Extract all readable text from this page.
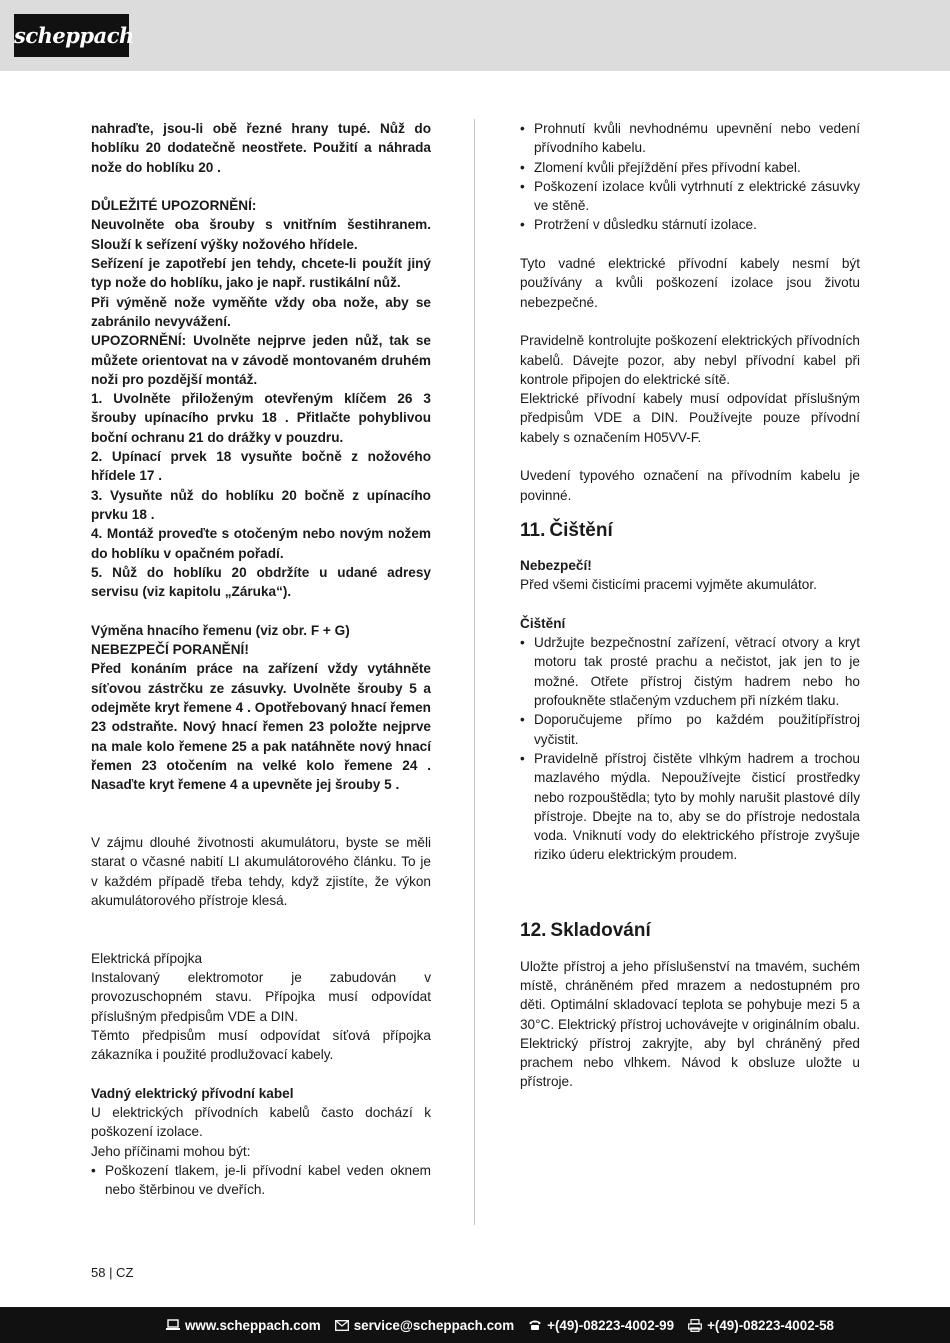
scheppach

nahraďte, jsou-li obě řezné hrany tupé. Nůž do hoblíku 20 dodatečně neostřete. Použití a náhrada nože do hoblíku 20 .

DŮLEŽITÉ UPOZORNĚNÍ:

Neuvolněte oba šrouby s vnitřním šestihranem. Slouží k seřízení výšky nožového hřídele.

Seřízení je zapotřebí jen tehdy, chcete-li použít jiný typ nože do hoblíku, jako je např. rustikální nůž.

Při výměně nože vyměňte vždy oba nože, aby se zabránilo nevyvážení.

UPOZORNĚNÍ: Uvolněte nejprve jeden nůž, tak se můžete orientovat na v závodě montovaném druhém noži pro pozdější montáž.

1. Uvolněte přiloženým otevřeným klíčem 26 3 šrouby upínacího prvku 18 . Přitlačte pohyblivou boční ochranu 21 do drážky v pouzdru.

2. Upínací prvek 18 vysuňte bočně z nožového hřídele 17 .

3. Vysuňte nůž do hoblíku 20 bočně z upínacího prvku 18 .

4. Montáž proveďte s otočeným nebo novým nožem do hoblíku v opačném pořadí.

5. Nůž do hoblíku 20 obdržíte u udané adresy servisu (viz kapitolu „Záruka“).

Výměna hnacího řemenu (viz obr. F + G)

NEBEZPEČÍ PORANĚNÍ!

Před konáním práce na zařízení vždy vytáhněte síťovou zástrčku ze zásuvky. Uvolněte šrouby 5 a odejměte kryt řemene 4 . Opotřebovaný hnací řemen 23 odstraňte. Nový hnací řemen 23 položte nejprve na male kolo řemene 25 a pak natáhněte nový hnací řemen 23 otočením na velké kolo řemene 24 . Nasaďte kryt řemene 4 a upevněte jej šrouby 5 .

V zájmu dlouhé životnosti akumulátoru, byste se měli starat o včasné nabití LI akumulátorového článku. To je v každém případě třeba tehdy, když zjistíte, že výkon akumulátorového přístroje klesá.

Elektrická přípojka

Instalovaný elektromotor je zabudován v provozuschopném stavu. Přípojka musí odpovídat příslušným předpisům VDE a DIN.

Těmto předpisům musí odpovídat síťová přípojka zákazníka i použité prodlužovací kabely.

Vadný elektrický přívodní kabel

U elektrických přívodních kabelů často dochází k poškození izolace.

Jeho příčinami mohou být:

• Poškození tlakem, je-li přívodní kabel veden oknem nebo štěrbinou ve dveřích.
• Prohnutí kvůli nevhodnému upevnění nebo vedení přívodního kabelu.
• Zlomení kvůli přejíždění přes přívodní kabel.
• Poškození izolace kvůli vytrhnutí z elektrické zásuvky ve stěně.
• Protržení v důsledku stárnutí izolace.

Tyto vadné elektrické přívodní kabely nesmí být používány a kvůli poškození izolace jsou životu nebezpečné.

Pravidelně kontrolujte poškození elektrických přívodních kabelů. Dávejte pozor, aby nebyl přívodní kabel při kontrole připojen do elektrické sítě.

Elektrické přívodní kabely musí odpovídat příslušným předpisům VDE a DIN. Používejte pouze přívodní kabely s označením H05VV-F.

Uvedení typového označení na přívodním kabelu je povinné.

11. Čištění

Nebezpečí!

Před všemi čisticími pracemi vyjměte akumulátor.

Čištění

• Udržujte bezpečnostní zařízení, větrací otvory a kryt motoru tak prosté prachu a nečistot, jak jen to je možné. Otřete přístroj čistým hadrem nebo ho profoukněte stlačeným vzduchem při nízkém tlaku.
• Doporučujeme přímo po každém použitípřístroj vyčistit.
• Pravidelně přístroj čistěte vlhkým hadrem a trochou mazlavého mýdla. Nepoužívejte čisticí prostředky nebo rozpouštědla; tyto by mohly narušit plastové díly přístroje. Dbejte na to, aby se do přístroje nedostala voda. Vniknutí vody do elektrického přístroje zvyšuje riziko úderu elektrickým proudem.
12. Skladování

Uložte přístroj a jeho příslušenství na tmavém, suchém místě, chráněném před mrazem a nedostupném pro děti. Optimální skladovací teplota se pohybuje mezi 5 a 30°C. Elektrický přístroj uchovávejte v originálním obalu. Elektrický přístroj zakryjte, aby byl chráněný před prachem nebo vlhkem. Návod k obsluze uložte u přístroje.

58 | CZ
www.scheppach.com service@scheppach.com +(49)-08223-4002-99 +(49)-08223-4002-58
